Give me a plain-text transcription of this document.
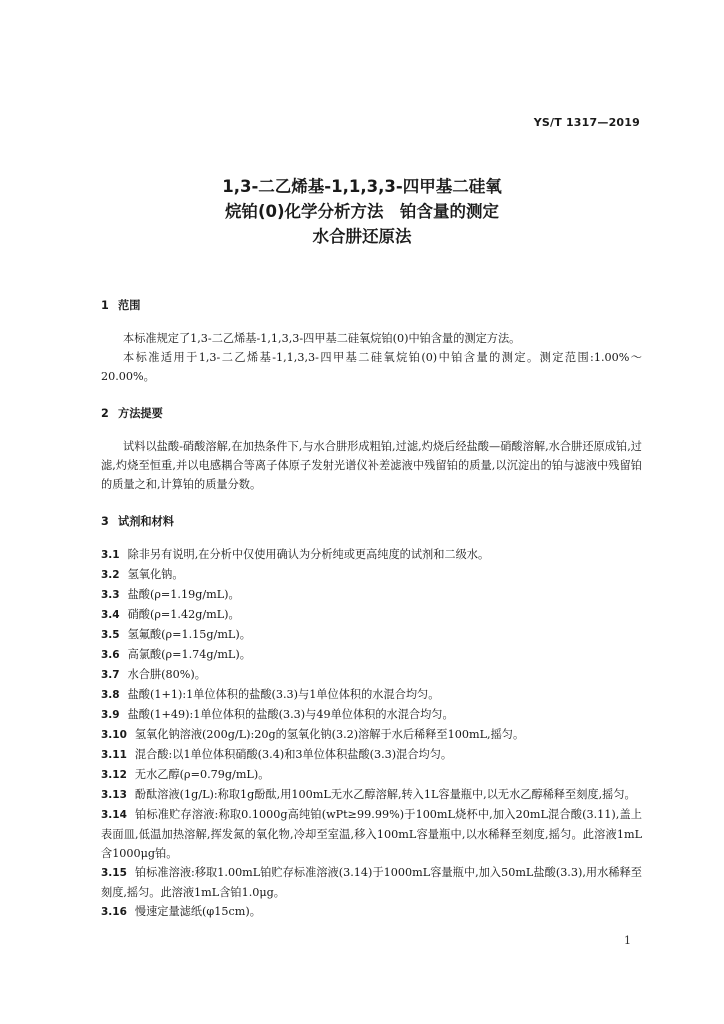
YS/T 1317—2019
1,3-二乙烯基-1,1,3,3-四甲基二硅氧
烷铂(0)化学分析方法　铂含量的测定
水合肼还原法
1 范围
本标准规定了1,3-二乙烯基-1,1,3,3-四甲基二硅氧烷铂(0)中铂含量的测定方法。
本标准适用于1,3-二乙烯基-1,1,3,3-四甲基二硅氧烷铂(0)中铂含量的测定。测定范围:1.00%～20.00%。
2 方法提要
试料以盐酸-硝酸溶解,在加热条件下,与水合肼形成粗铂,过滤,灼烧后经盐酸—硝酸溶解,水合肼还原成铂,过滤,灼烧至恒重,并以电感耦合等离子体原子发射光谱仪补差滤液中残留铂的质量,以沉淀出的铂与滤液中残留铂的质量之和,计算铂的质量分数。
3 试剂和材料
3.1 除非另有说明,在分析中仅使用确认为分析纯或更高纯度的试剂和二级水。
3.2 氢氧化钠。
3.3 盐酸(ρ=1.19g/mL)。
3.4 硝酸(ρ=1.42g/mL)。
3.5 氢氟酸(ρ=1.15g/mL)。
3.6 高氯酸(ρ=1.74g/mL)。
3.7 水合肼(80%)。
3.8 盐酸(1+1):1单位体积的盐酸(3.3)与1单位体积的水混合均匀。
3.9 盐酸(1+49):1单位体积的盐酸(3.3)与49单位体积的水混合均匀。
3.10 氢氧化钠溶液(200g/L):20g的氢氧化钠(3.2)溶解于水后稀释至100mL,摇匀。
3.11 混合酸:以1单位体积硝酸(3.4)和3单位体积盐酸(3.3)混合均匀。
3.12 无水乙醇(ρ=0.79g/mL)。
3.13 酚酞溶液(1g/L):称取1g酚酞,用100mL无水乙醇溶解,转入1L容量瓶中,以无水乙醇稀释至刻度,摇匀。
3.14 铂标准贮存溶液:称取0.1000g高纯铂(wPt≥99.99%)于100mL烧杯中,加入20mL混合酸(3.11),盖上表面皿,低温加热溶解,挥发氮的氧化物,冷却至室温,移入100mL容量瓶中,以水稀释至刻度,摇匀。此溶液1mL含1000μg铂。
3.15 铂标准溶液:移取1.00mL铂贮存标准溶液(3.14)于1000mL容量瓶中,加入50mL盐酸(3.3),用水稀释至刻度,摇匀。此溶液1mL含铂1.0μg。
3.16 慢速定量滤纸(φ15cm)。
1
